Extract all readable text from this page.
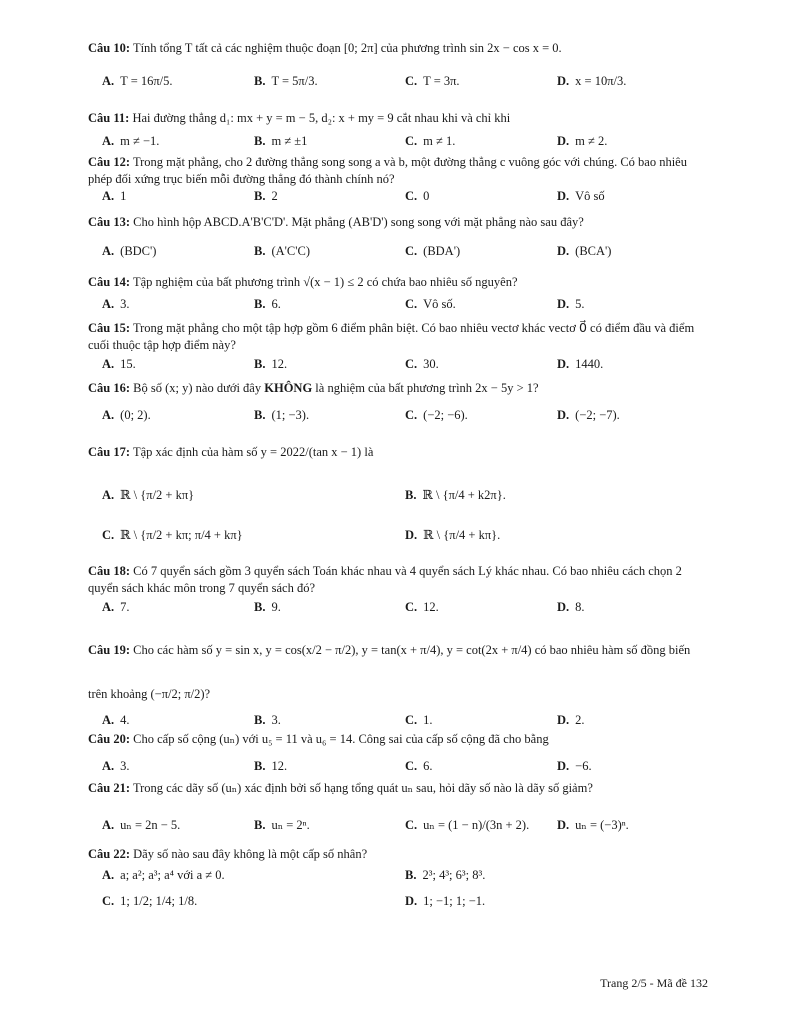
Câu 10: Tính tổng T tất cả các nghiệm thuộc đoạn [0; 2π] của phương trình sin 2x − cos x = 0.
A. T = 16π/5.	B. T = 5π/3.	C. T = 3π.	D. x = 10π/3.
Câu 11: Hai đường thẳng d₁: mx + y = m − 5, d₂: x + my = 9 cắt nhau khi và chỉ khi
A. m ≠ −1.	B. m ≠ ±1	C. m ≠ 1.	D. m ≠ 2.
Câu 12: Trong mặt phẳng, cho 2 đường thẳng song song a và b, một đường thẳng c vuông góc với chúng. Có bao nhiêu phép đối xứng trục biến mỗi đường thẳng đó thành chính nó?
A. 1	B. 2	C. 0	D. Vô số
Câu 13: Cho hình hộp ABCD.A'B'C'D'. Mặt phẳng (AB'D') song song với mặt phẳng nào sau đây?
A. (BDC')	B. (A'C'C)	C. (BDA')	D. (BCA')
Câu 14: Tập nghiệm của bất phương trình √(x − 1) ≤ 2 có chứa bao nhiêu số nguyên?
A. 3.	B. 6.	C. Vô số.	D. 5.
Câu 15: Trong mặt phẳng cho một tập hợp gồm 6 điểm phân biệt. Có bao nhiêu vectơ khác vectơ 0⃗ có điểm đầu và điểm cuối thuộc tập hợp điểm này?
A. 15.	B. 12.	C. 30.	D. 1440.
Câu 16: Bộ số (x; y) nào dưới đây KHÔNG là nghiệm của bất phương trình 2x − 5y > 1?
A. (0; 2).	B. (1; −3).	C. (−2; −6).	D. (−2; −7).
Câu 17: Tập xác định của hàm số y = 2022/(tan x − 1) là
A. ℝ \ {π/2 + kπ}	B. ℝ \ {π/4 + k2π}.
C. ℝ \ {π/2 + kπ; π/4 + kπ}	D. ℝ \ {π/4 + kπ}.
Câu 18: Có 7 quyển sách gồm 3 quyển sách Toán khác nhau và 4 quyển sách Lý khác nhau. Có bao nhiêu cách chọn 2 quyển sách khác môn trong 7 quyển sách đó?
A. 7.	B. 9.	C. 12.	D. 8.
Câu 19: Cho các hàm số y = sin x, y = cos(x/2 − π/2), y = tan(x + π/4), y = cot(2x + π/4) có bao nhiêu hàm số đồng biến trên khoảng (−π/2; π/2)?
A. 4.	B. 3.	C. 1.	D. 2.
Câu 20: Cho cấp số cộng (uₙ) với u₅ = 11 và u₆ = 14. Công sai của cấp số cộng đã cho bằng
A. 3.	B. 12.	C. 6.	D. −6.
Câu 21: Trong các dãy số (uₙ) xác định bởi số hạng tổng quát uₙ sau, hỏi dãy số nào là dãy số giảm?
A. uₙ = 2n − 5.	B. uₙ = 2ⁿ.	C. uₙ = (1 − n)/(3n + 2). D. uₙ = (−3)ⁿ.
Câu 22: Dãy số nào sau đây không là một cấp số nhân?
A. a; a²; a³; a⁴ với a ≠ 0.	B. 2³; 4³; 6³; 8³.
C. 1; 1/2; 1/4; 1/8.	D. 1; −1; 1; −1.
Trang 2/5 - Mã đề 132
